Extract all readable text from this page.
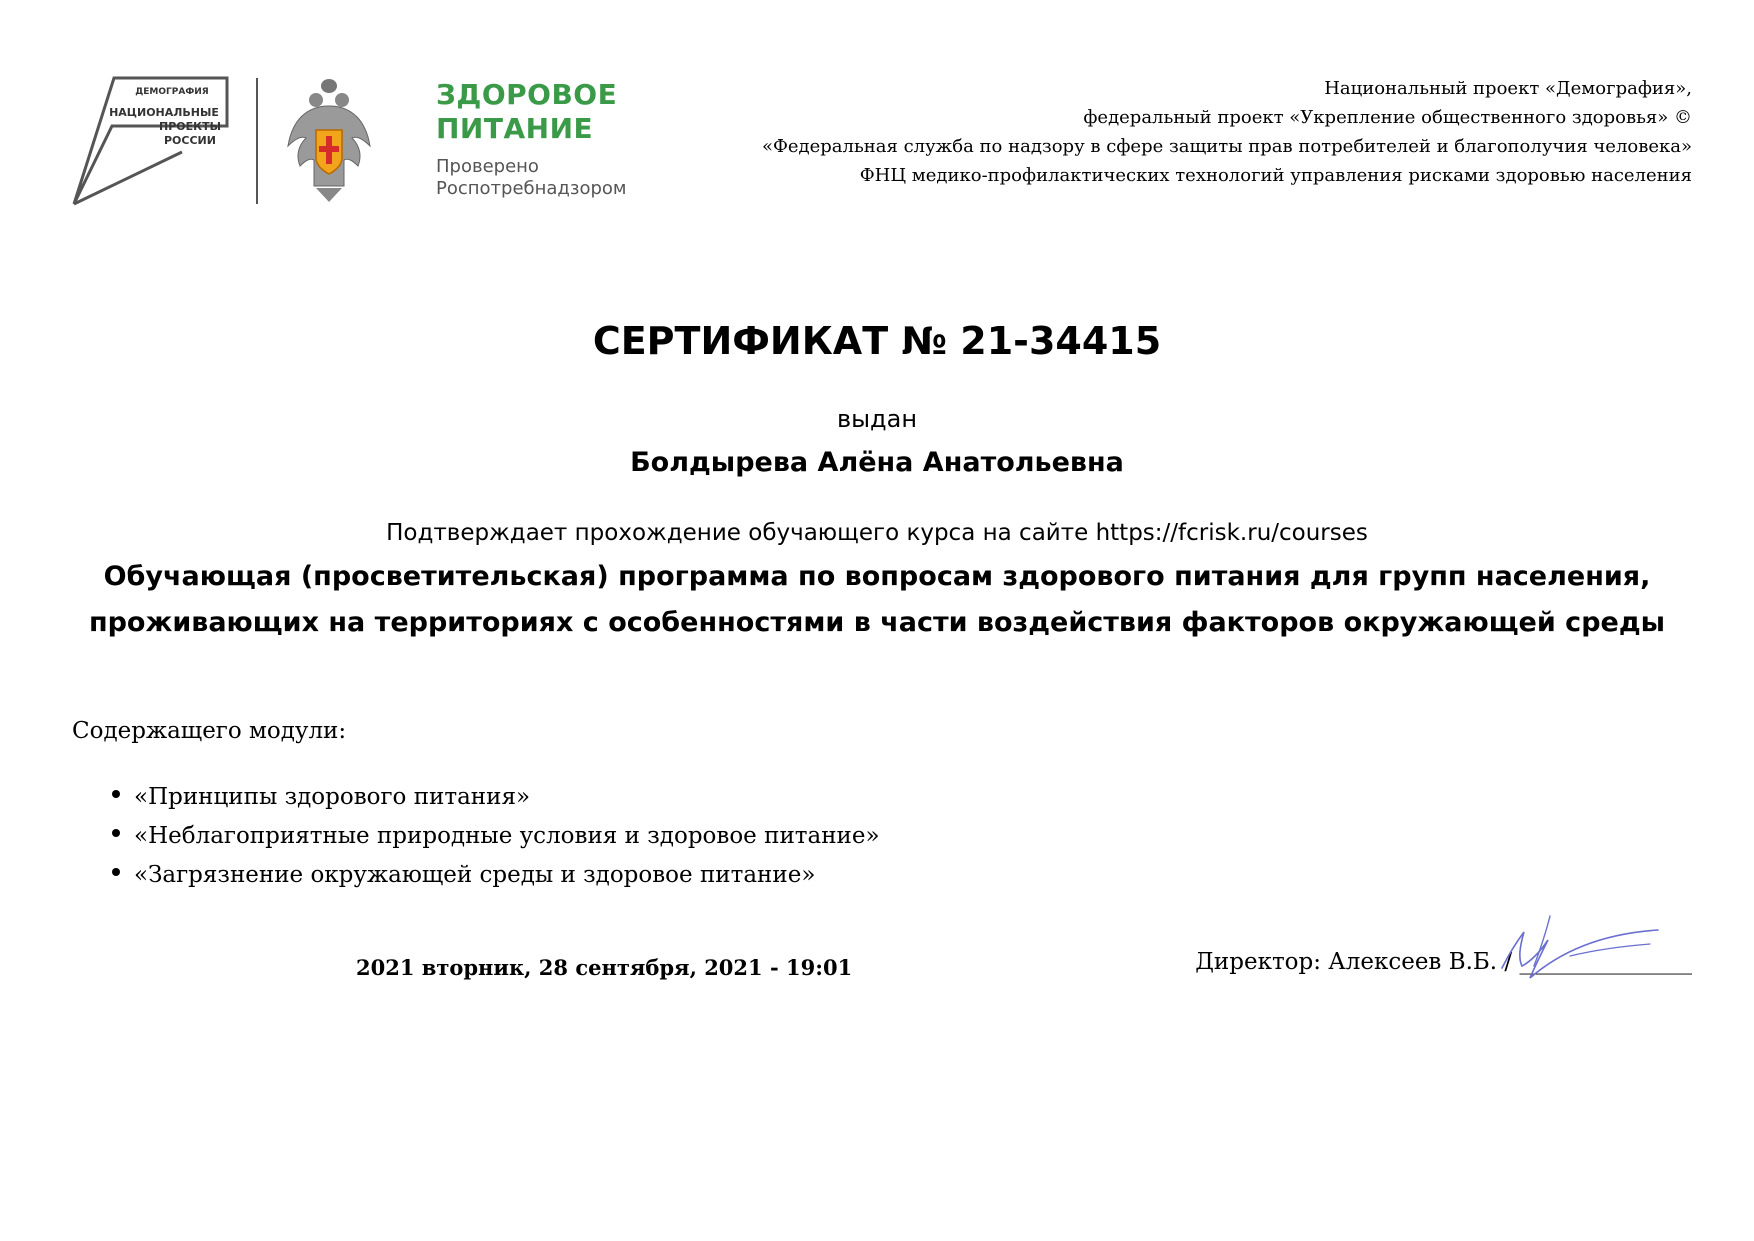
ДЕМОГРАФИЯ
НАЦИОНАЛЬНЫЕ
ПРОЕКТЫ
РОССИИ
ЗДОРОВОЕ
ПИТАНИЕ
Проверено
Роспотребнадзором
Национальный проект «Демография»,
федеральный проект «Укрепление общественного здоровья» ©
«Федеральная служба по надзору в сфере защиты прав потребителей и благополучия человека»
ФНЦ медико-профилактических технологий управления рисками здоровью населения
СЕРТИФИКАТ № 21-34415
выдан
Болдырева Алёна Анатольевна
Подтверждает прохождение обучающего курса на сайте https://fcrisk.ru/courses
Обучающая (просветительская) программа по вопросам здорового питания для групп населения, проживающих на территориях с особенностями в части воздействия факторов окружающей среды
Содержащего модули:
«Принципы здорового питания»
«Неблагоприятные природные условия и здоровое питание»
«Загрязнение окружающей среды и здоровое питание»
2021 вторник, 28 сентября, 2021 - 19:01	Директор: Алексеев В.Б. / _______________
